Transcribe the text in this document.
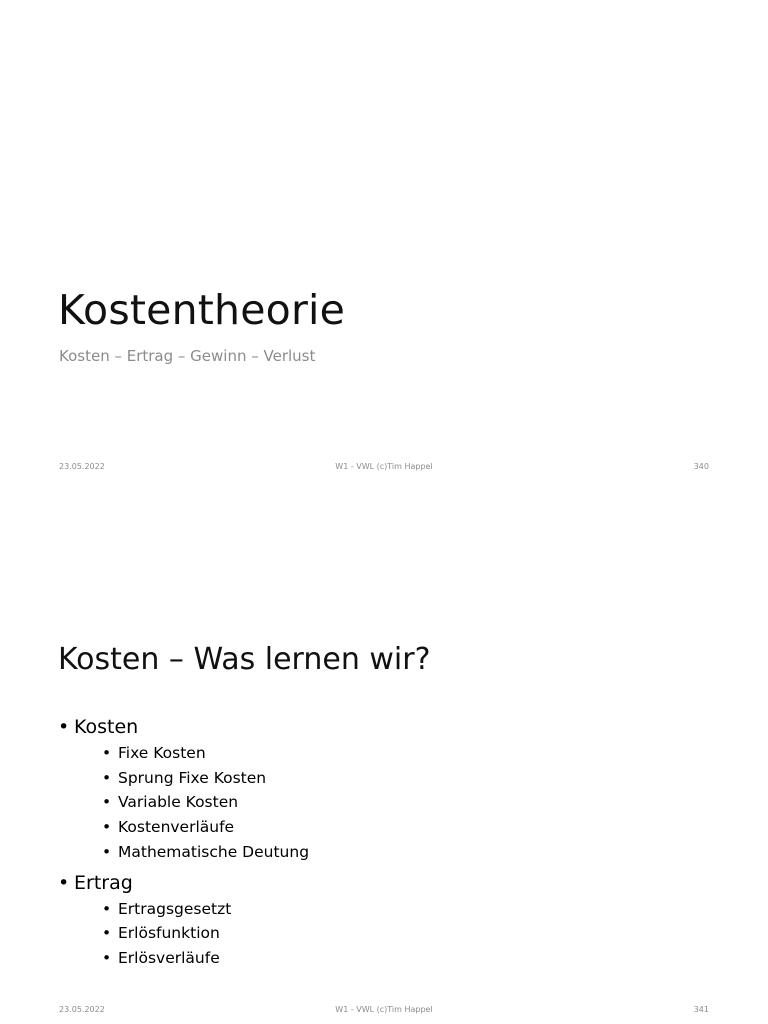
Kostentheorie

Kosten – Ertrag – Gewinn – Verlust

23.05.2022	W1 - VWL (c)Tim Happel	340
Kosten – Was lernen wir?
• Kosten
• Fixe Kosten
• Sprung Fixe Kosten
• Variable Kosten
• Kostenverläufe
• Mathematische Deutung
• Ertrag
• Ertragsgesetzt
• Erlösfunktion
• Erlösverläufe
23.05.2022	W1 - VWL (c)Tim Happel	341
